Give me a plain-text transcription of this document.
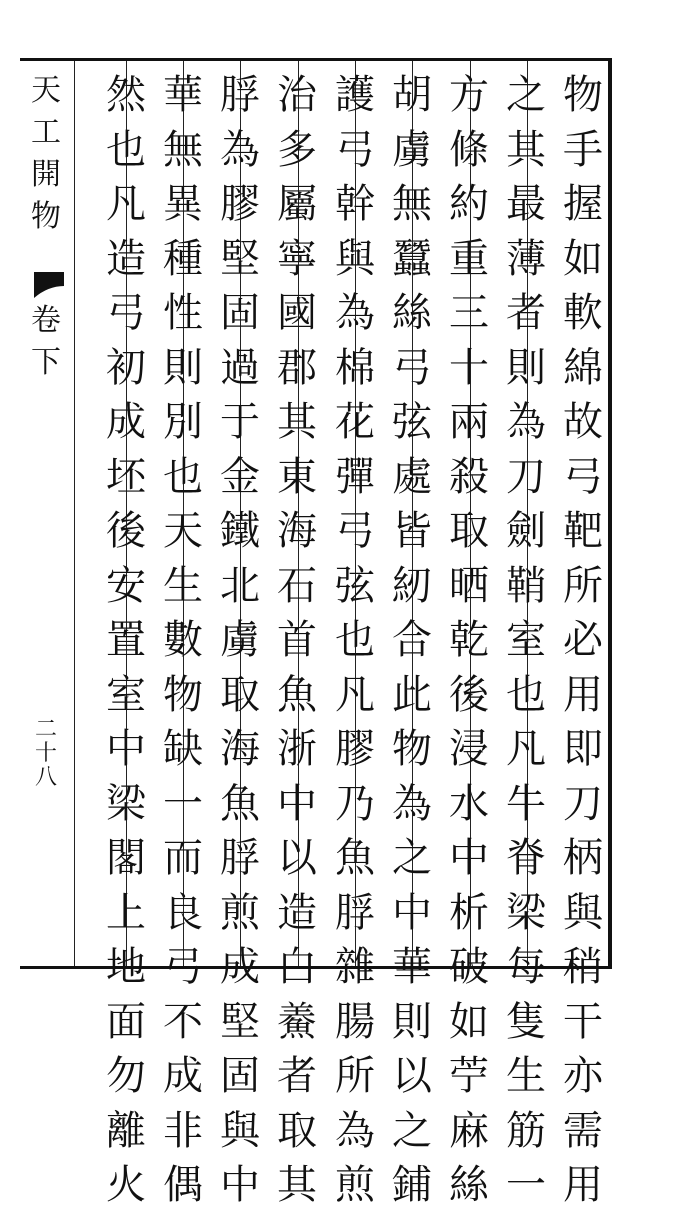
天
工
開
物
卷
下
二十八
物
手
握
如
軟
綿
故
弓
靶
所
必
用
即
刀
柄
與
稍
干
亦
需
用
之
其
最
薄
者
則
為
刀
劍
鞘
室
也
凡
牛
脊
梁
每
隻
生
筋
一
方
條
約
重
三
十
兩
殺
取
晒
乾
後
浸
水
中
析
破
如
苧
麻
絲
胡
虜
無
蠶
絲
弓
弦
處
皆
紉
合
此
物
為
之
中
華
則
以
之
鋪
護
弓
幹
與
為
棉
花
彈
弓
弦
也
凡
膠
乃
魚
脬
雜
腸
所
為
煎
治
多
屬
寧
國
郡
其
東
海
石
首
魚
浙
中
以
造
白
鯗
者
取
其
脬
為
膠
堅
固
過
于
金
鐵
北
虜
取
海
魚
脬
煎
成
堅
固
與
中
華
無
異
種
性
則
別
也
天
生
數
物
缺
一
而
良
弓
不
成
非
偶
然
也
凡
造
弓
初
成
坯
後
安
置
室
中
梁
閣
上
地
面
勿
離
火
